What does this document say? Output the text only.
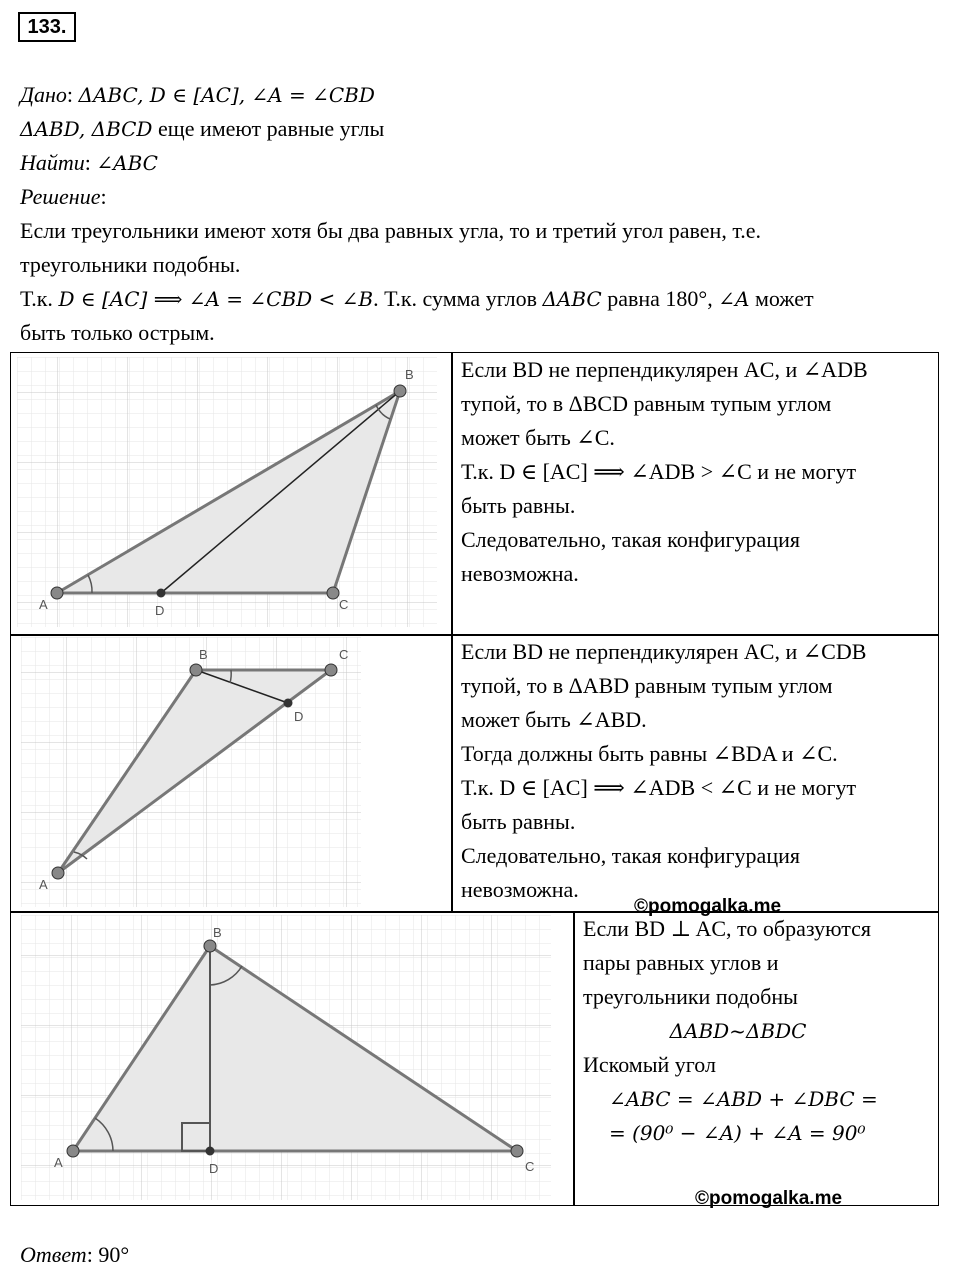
133.
Дано: ΔABC, D ∈ [AC], ∠A = ∠CBD
ΔABD, ΔBCD еще имеют равные углы
Найти: ∠ABC
Решение:
Если треугольники имеют хотя бы два равных угла, то и третий угол равен, т.е.
треугольники подобны.
Т.к. D ∈ [AC] ⟹ ∠A = ∠CBD < ∠B. Т.к. сумма углов ΔABC равна 180°, ∠A может
быть только острым.
A
B
C
D
Если BD не перпендикулярен AC, и ∠ADB
тупой, то в ΔBCD равным тупым углом
может быть ∠C.
Т.к. D ∈ [AC] ⟹ ∠ADB > ∠C и не могут
быть равны.
Следовательно, такая конфигурация
невозможна.
A
B	C
D
Если BD не перпендикулярен AC, и ∠CDB
тупой, то в ΔABD равным тупым углом
может быть ∠ABD.
Тогда должны быть равны ∠BDA и ∠C.
Т.к. D ∈ [AC] ⟹ ∠ADB < ∠C и не могут
быть равны.
Следовательно, такая конфигурация
невозможна.
A
B
C
D
Если BD ⊥ AC, то образуются
пары равных углов и
треугольники подобны
ΔABD~ΔBDC
Искомый угол
∠ABC = ∠ABD + ∠DBC =
= (90⁰ − ∠A) + ∠A = 90⁰
©pomogalka.me
©pomogalka.me
Ответ: 90°
